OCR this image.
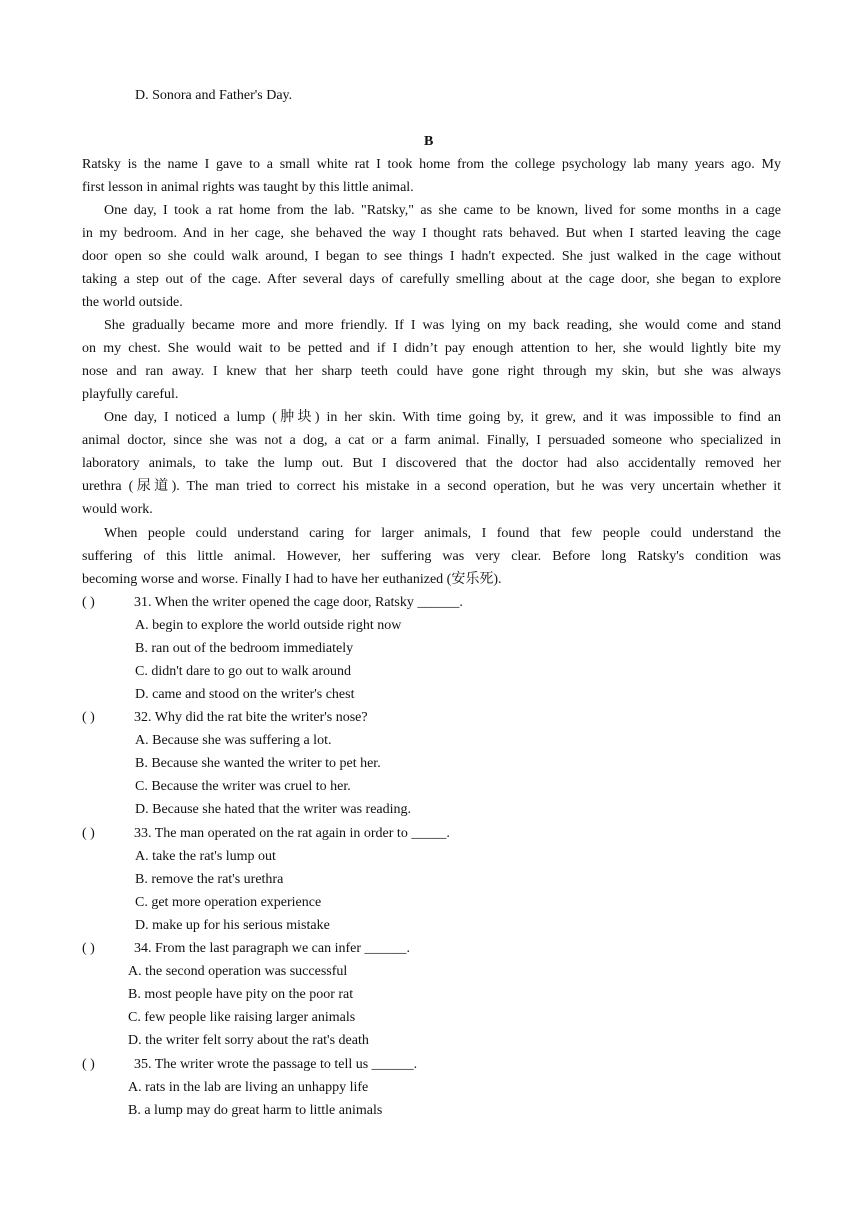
D. Sonora and Father's Day.
B
Ratsky is the name I gave to a small white rat I took home from the college psychology lab many years ago. My
first lesson in animal rights was taught by this little animal.
One day, I took a rat home from the lab. "Ratsky," as she came to be known, lived for some months in a cage
in my bedroom. And in her cage, she behaved the way I thought rats behaved. But when I started leaving the cage
door open so she could walk around, I began to see things I hadn't expected. She just walked in the cage without
taking a step out of the cage. After several days of carefully smelling about at the cage door, she began to explore
the world outside.
She gradually became more and more friendly. If I was lying on my back reading, she would come and stand
on my chest. She would wait to be petted and if I didn’t pay enough attention to her, she would lightly bite my
nose and ran away. I knew that her sharp teeth could have gone right through my skin, but she was always
playfully careful.
One day, I noticed a lump (肿块) in her skin. With time going by, it grew, and it was impossible to find an
animal doctor, since she was not a dog, a cat or a farm animal. Finally, I persuaded someone who specialized in
laboratory animals, to take the lump out. But I discovered that the doctor had also accidentally removed her
urethra (尿道). The man tried to correct his mistake in a second operation, but he was very uncertain whether it
would work.
When people could understand caring for larger animals, I found that few people could understand the
suffering of this little animal. However, her suffering was very clear. Before long Ratsky's condition was
becoming worse and worse. Finally I had to have her euthanized (安乐死).
( )	31. When the writer opened the cage door, Ratsky ______.
A. begin to explore the world outside right now
B. ran out of the bedroom immediately
C. didn't dare to go out to walk around
D. came and stood on the writer's chest
( )	32. Why did the rat bite the writer's nose?
A. Because she was suffering a lot.
B. Because she wanted the writer to pet her.
C. Because the writer was cruel to her.
D. Because she hated that the writer was reading.
( )	33. The man operated on the rat again in order to _____.
A. take the rat's lump out
B. remove the rat's urethra
C. get more operation experience
D. make up for his serious mistake
( )	34. From the last paragraph we can infer ______.
A. the second operation was successful
B. most people have pity on the poor rat
C. few people like raising larger animals
D. the writer felt sorry about the rat's death
( )	35. The writer wrote the passage to tell us ______.
A. rats in the lab are living an unhappy life
B. a lump may do great harm to little animals
